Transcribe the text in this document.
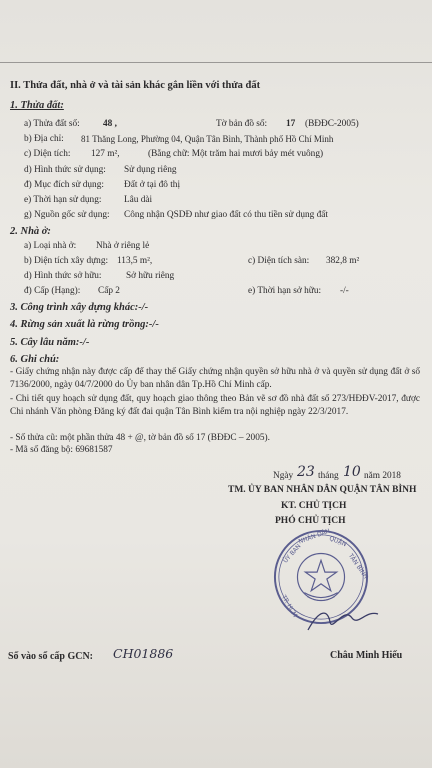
II. Thửa đất, nhà ở và tài sản khác gắn liền với thửa đất
1. Thửa đất:
a) Thửa đất số:	48 ,	Tờ bản đồ số: 17 (BĐĐC-2005)
b) Địa chỉ: 81 Thăng Long, Phường 04, Quận Tân Bình, Thành phố Hồ Chí Minh
c) Diện tích: 127 m²,	(Bằng chữ: Một trăm hai mươi bảy mét vuông)
d) Hình thức sử dụng: Sử dụng riêng
đ) Mục đích sử dụng: Đất ở tại đô thị
e) Thời hạn sử dụng: Lâu dài
g) Nguồn gốc sử dụng: Công nhận QSDĐ như giao đất có thu tiền sử dụng đất
2. Nhà ở:
a) Loại nhà ở: Nhà ở riêng lẻ
b) Diện tích xây dựng: 113,5 m²,	c) Diện tích sàn: 382,8 m²
d) Hình thức sở hữu:	Sở hữu riêng
đ) Cấp (Hạng): Cấp 2	e) Thời hạn sở hữu: -/-
3. Công trình xây dựng khác:-/-
4. Rừng sản xuất là rừng trồng:-/-
5. Cây lâu năm:-/-
6. Ghi chú:
- Giấy chứng nhận này được cấp để thay thế Giấy chứng nhận quyền sở hữu nhà ở và quyền sử dụng đất ở số 7136/2000, ngày 04/7/2000 do Ủy ban nhân dân Tp.Hồ Chí Minh cấp.
- Chi tiết quy hoạch sử dụng đất, quy hoạch giao thông theo Bản vẽ sơ đồ nhà đất số 273/HĐĐV-2017, được Chi nhánh Văn phòng Đăng ký đất đai quận Tân Bình kiểm tra nội nghiệp ngày 22/3/2017.
- Số thửa cũ: một phần thửa 48 + @, tờ bản đồ số 17 (BĐĐC – 2005).
- Mã số đăng bộ: 69681587
Ngày 23 tháng 10 năm 2018
TM. ỦY BAN NHÂN DÂN QUẬN TÂN BÌNH
KT. CHỦ TỊCH
PHÓ CHỦ TỊCH
ỦY BAN
NHÂN DÂN
QUẬN
TÂN BÌNH
TP. HCM
Số vào sổ cấp GCN: CH01886	Châu Minh Hiếu
